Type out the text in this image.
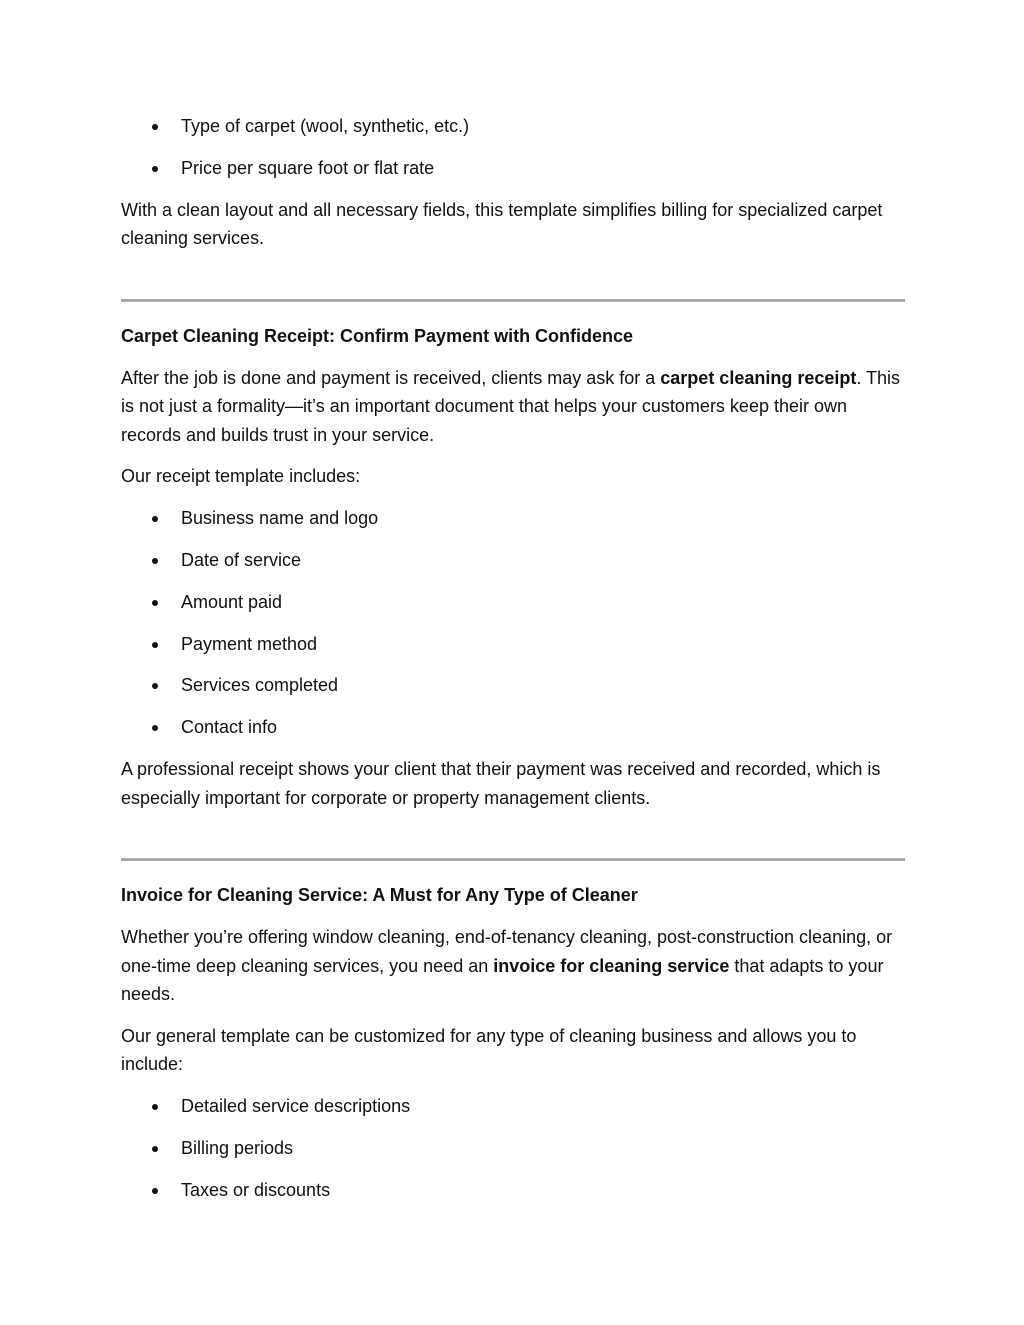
Type of carpet (wool, synthetic, etc.)
Price per square foot or flat rate

With a clean layout and all necessary fields, this template simplifies billing for specialized carpet cleaning services.

Carpet Cleaning Receipt: Confirm Payment with Confidence

After the job is done and payment is received, clients may ask for a carpet cleaning receipt. This is not just a formality—it’s an important document that helps your customers keep their own records and builds trust in your service.

Our receipt template includes:

Business name and logo
Date of service
Amount paid
Payment method
Services completed
Contact info

A professional receipt shows your client that their payment was received and recorded, which is especially important for corporate or property management clients.

Invoice for Cleaning Service: A Must for Any Type of Cleaner

Whether you’re offering window cleaning, end-of-tenancy cleaning, post-construction cleaning, or one-time deep cleaning services, you need an invoice for cleaning service that adapts to your needs.

Our general template can be customized for any type of cleaning business and allows you to include:

Detailed service descriptions
Billing periods
Taxes or discounts
